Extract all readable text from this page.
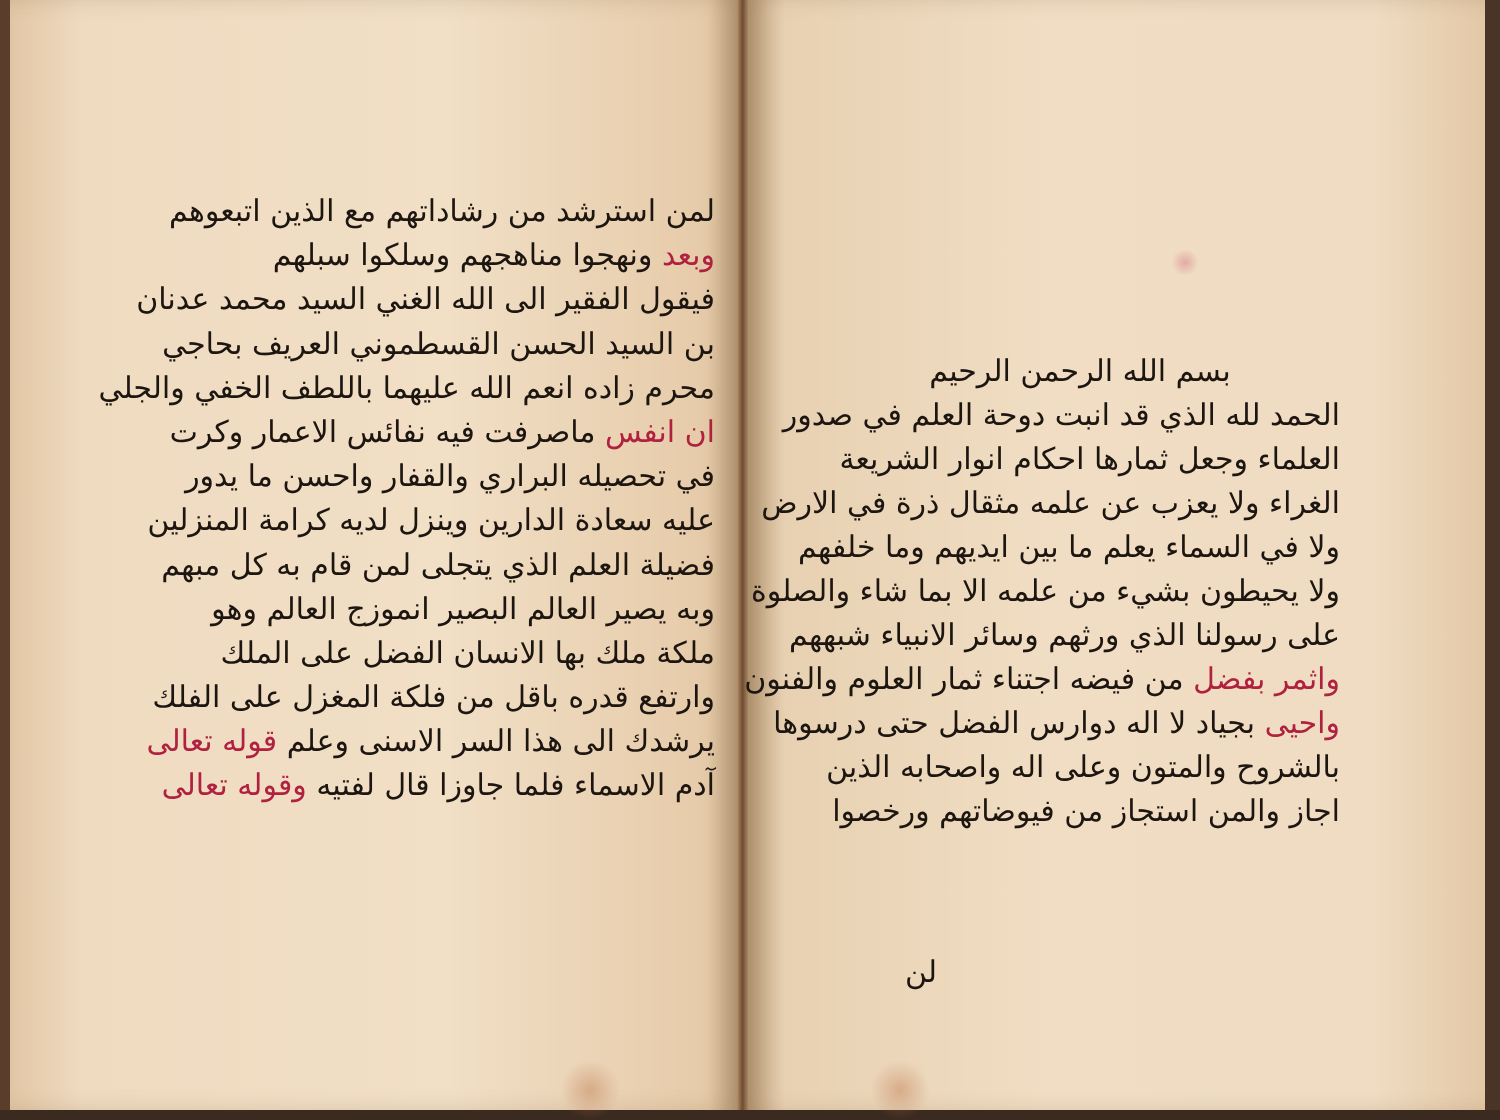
لمن استرشد من رشاداتهم مع الذين اتبعوهم
وبعد ونهجوا مناهجهم وسلكوا سبلهم
فيقول الفقير الى الله الغني السيد محمد عدنان
بن السيد الحسن القسطموني العريف بحاجي
محرم زاده انعم الله عليهما باللطف الخفي والجلي
ان انفس ماصرفت فيه نفائس الاعمار وكرت
في تحصيله البراري والقفار واحسن ما يدور
عليه سعادة الدارين وينزل لديه كرامة المنزلين
فضيلة العلم الذي يتجلى لمن قام به كل مبهم
وبه يصير العالم البصير انموزج العالم وهو
ملكة ملك بها الانسان الفضل على الملك
وارتفع قدره باقل من فلكة المغزل على الفلك
يرشدك الى هذا السر الاسنى وعلم قوله تعالى
آدم الاسماء فلما جاوزا قال لفتيه وقوله تعالى
بسم الله الرحمن الرحيم
الحمد لله الذي قد انبت دوحة العلم في صدور
العلماء وجعل ثمارها احكام انوار الشريعة
الغراء ولا يعزب عن علمه مثقال ذرة في الارض
ولا في السماء يعلم ما بين ايديهم وما خلفهم
ولا يحيطون بشيء من علمه الا بما شاء والصلوة
على رسولنا الذي ورثهم وسائر الانبياء شبههم
واثمر بفضل من فيضه اجتناء ثمار العلوم والفنون
واحيى بجياد لا اله دوارس الفضل حتى درسوها
بالشروح والمتون وعلى اله واصحابه الذين
اجاز والمن استجاز من فيوضاتهم ورخصوا
لن
